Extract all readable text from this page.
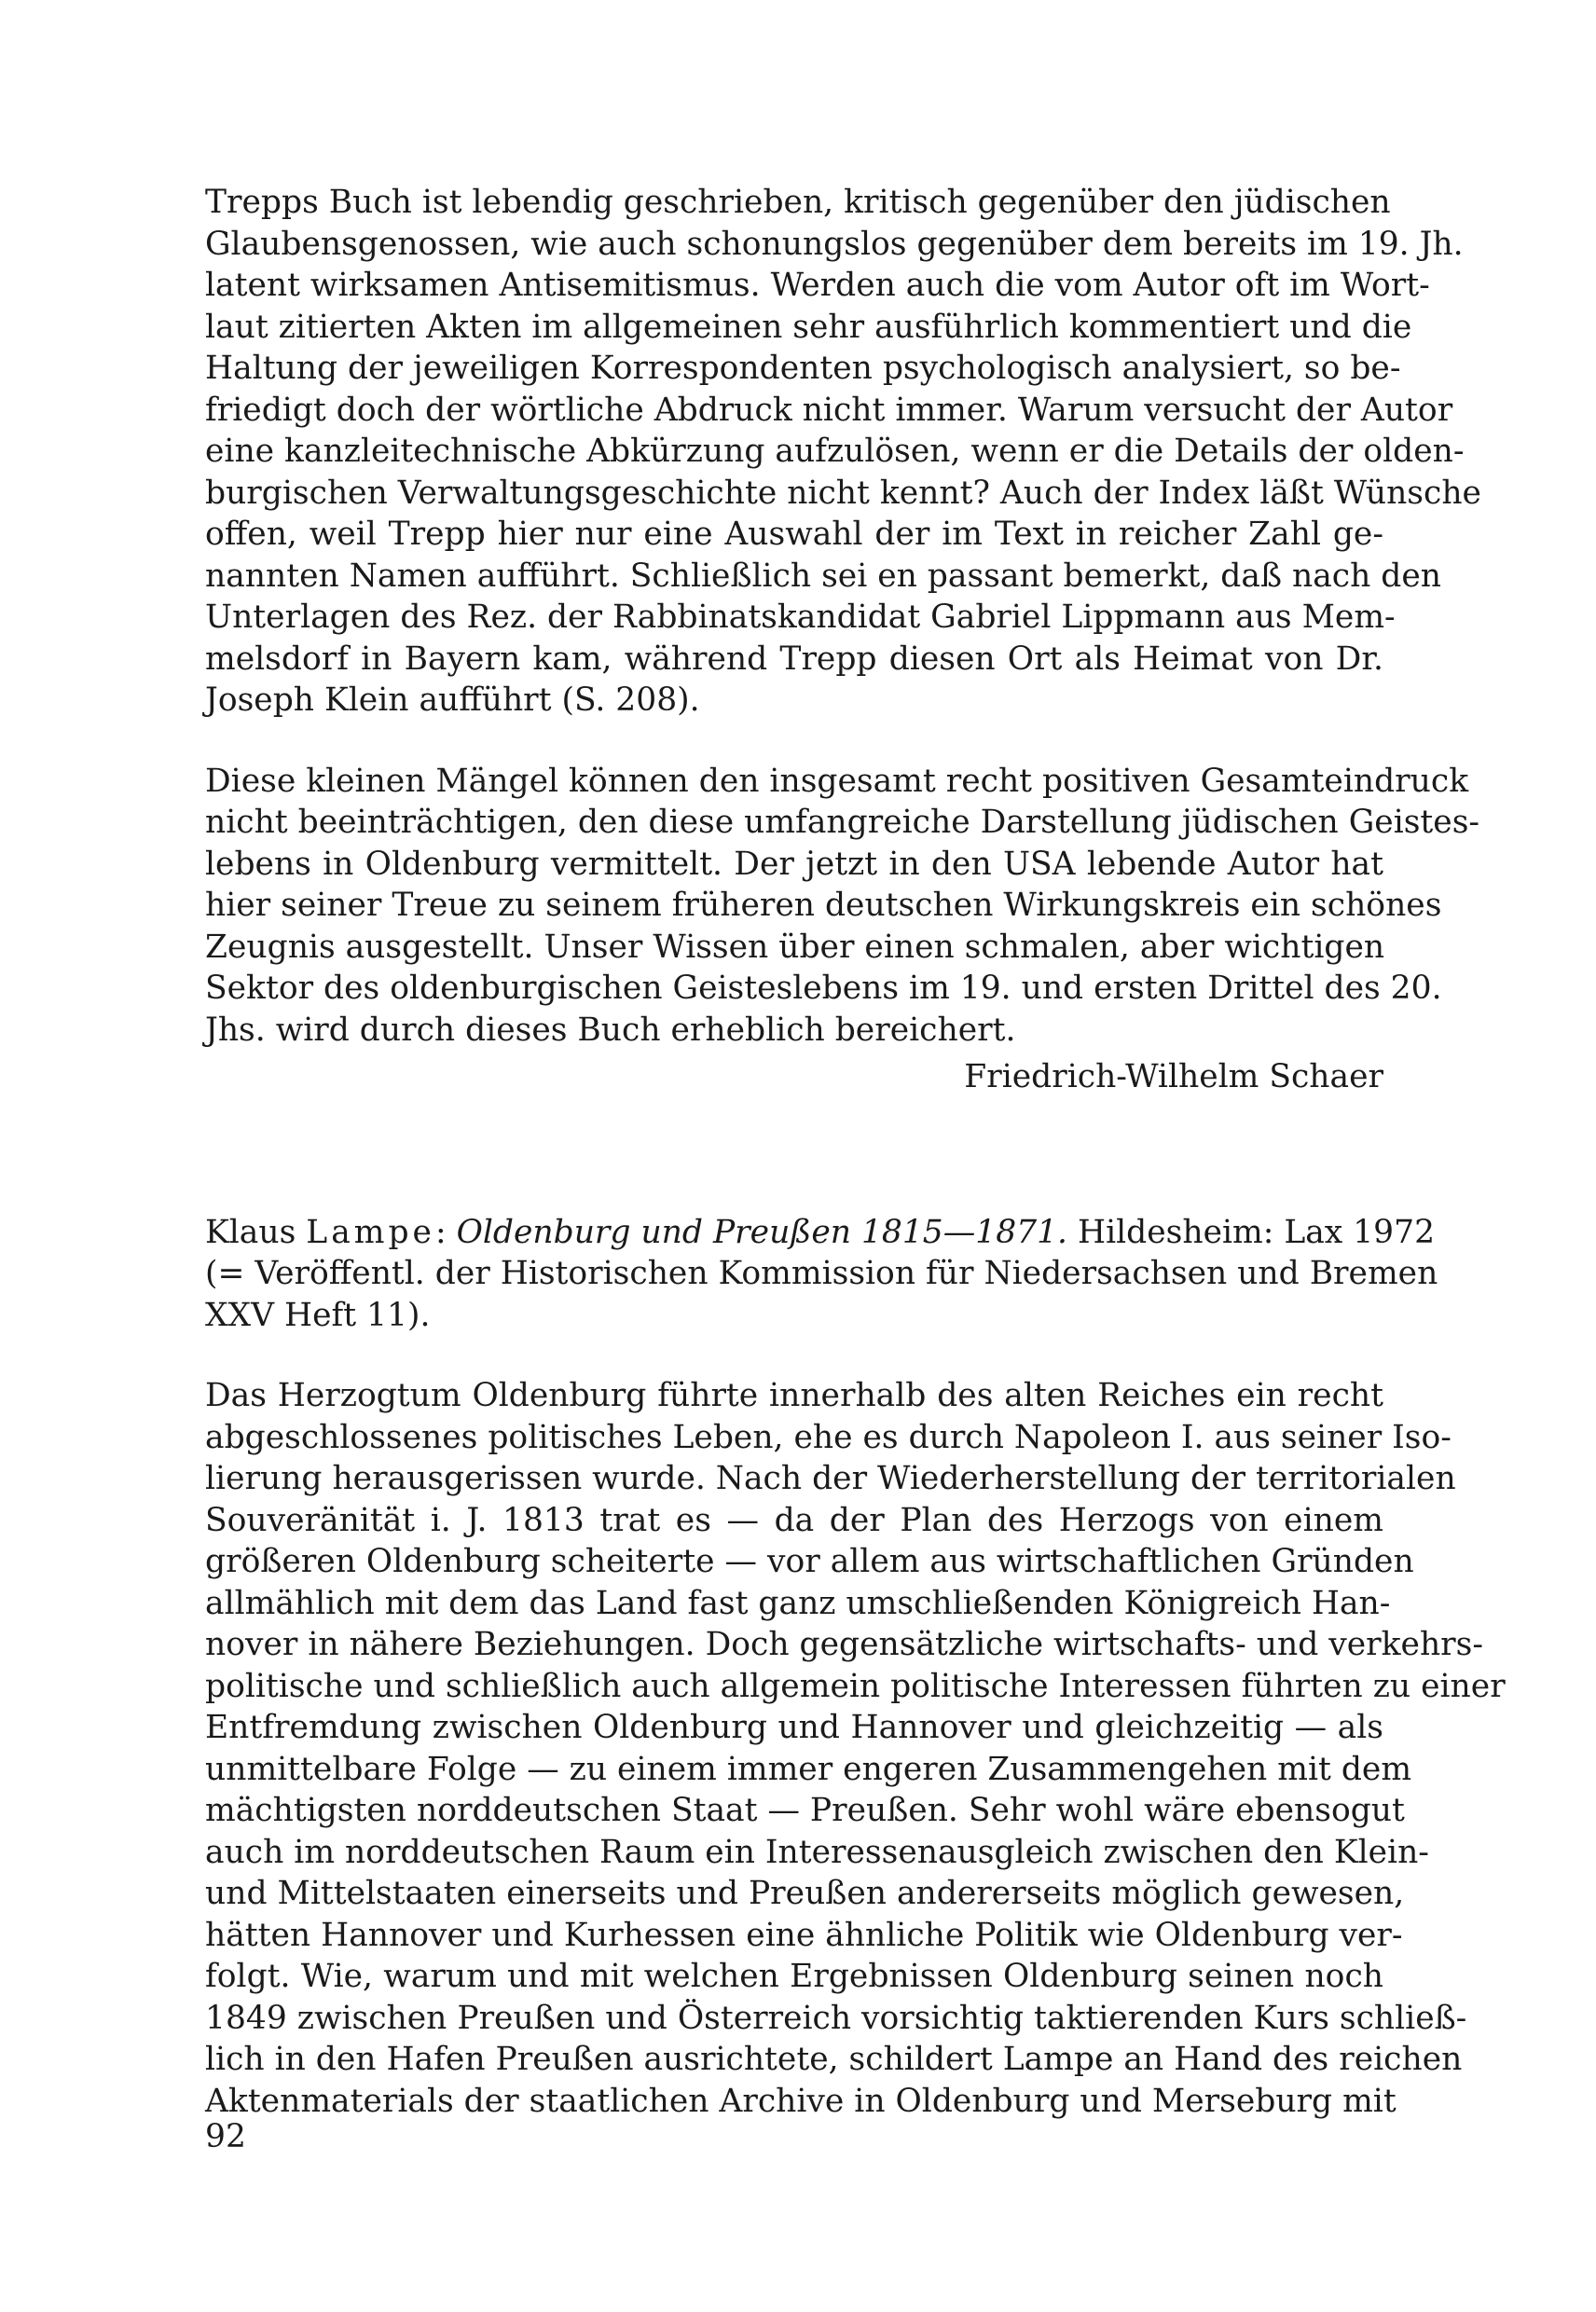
Trepps Buch ist lebendig geschrieben, kritisch gegenüber den jüdischen
Glaubensgenossen, wie auch schonungslos gegenüber dem bereits im 19. Jh.
latent wirksamen Antisemitismus. Werden auch die vom Autor oft im Wort-
laut zitierten Akten im allgemeinen sehr ausführlich kommentiert und die
Haltung der jeweiligen Korrespondenten psychologisch analysiert, so be-
friedigt doch der wörtliche Abdruck nicht immer. Warum versucht der Autor
eine kanzleitechnische Abkürzung aufzulösen, wenn er die Details der olden-
burgischen Verwaltungsgeschichte nicht kennt? Auch der Index läßt Wünsche
offen, weil Trepp hier nur eine Auswahl der im Text in reicher Zahl ge-
nannten Namen aufführt. Schließlich sei en passant bemerkt, daß nach den
Unterlagen des Rez. der Rabbinatskandidat Gabriel Lippmann aus Mem-
melsdorf in Bayern kam, während Trepp diesen Ort als Heimat von Dr.
Joseph Klein aufführt (S. 208).
Diese kleinen Mängel können den insgesamt recht positiven Gesamteindruck
nicht beeinträchtigen, den diese umfangreiche Darstellung jüdischen Geistes-
lebens in Oldenburg vermittelt. Der jetzt in den USA lebende Autor hat
hier seiner Treue zu seinem früheren deutschen Wirkungskreis ein schönes
Zeugnis ausgestellt. Unser Wissen über einen schmalen, aber wichtigen
Sektor des oldenburgischen Geisteslebens im 19. und ersten Drittel des 20.
Jhs. wird durch dieses Buch erheblich bereichert.
Friedrich-Wilhelm Schaer
Klaus Lampe: Oldenburg und Preußen 1815—1871. Hildesheim: Lax 1972
(= Veröffentl. der Historischen Kommission für Niedersachsen und Bremen
XXV Heft 11).
Das Herzogtum Oldenburg führte innerhalb des alten Reiches ein recht
abgeschlossenes politisches Leben, ehe es durch Napoleon I. aus seiner Iso-
lierung herausgerissen wurde. Nach der Wiederherstellung der territorialen
Souveränität i. J. 1813 trat es — da der Plan des Herzogs von einem
größeren Oldenburg scheiterte — vor allem aus wirtschaftlichen Gründen
allmählich mit dem das Land fast ganz umschließenden Königreich Han-
nover in nähere Beziehungen. Doch gegensätzliche wirtschafts- und verkehrs-
politische und schließlich auch allgemein politische Interessen führten zu einer
Entfremdung zwischen Oldenburg und Hannover und gleichzeitig — als
unmittelbare Folge — zu einem immer engeren Zusammengehen mit dem
mächtigsten norddeutschen Staat — Preußen. Sehr wohl wäre ebensogut
auch im norddeutschen Raum ein Interessenausgleich zwischen den Klein-
und Mittelstaaten einerseits und Preußen andererseits möglich gewesen,
hätten Hannover und Kurhessen eine ähnliche Politik wie Oldenburg ver-
folgt. Wie, warum und mit welchen Ergebnissen Oldenburg seinen noch
1849 zwischen Preußen und Österreich vorsichtig taktierenden Kurs schließ-
lich in den Hafen Preußen ausrichtete, schildert Lampe an Hand des reichen
Aktenmaterials der staatlichen Archive in Oldenburg und Merseburg mit
92
